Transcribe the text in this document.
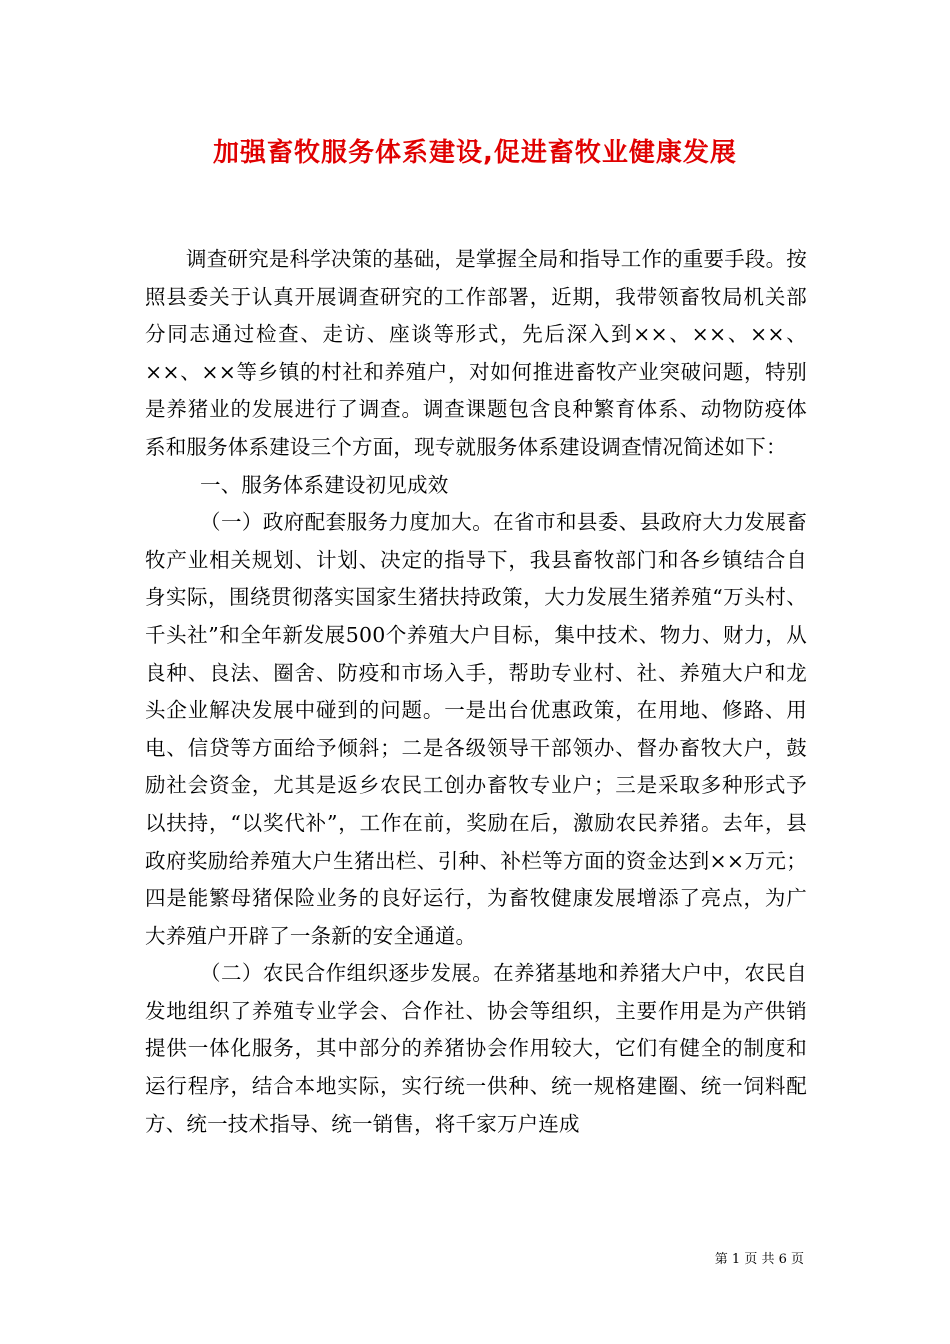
加强畜牧服务体系建设,促进畜牧业健康发展

调查研究是科学决策的基础，是掌握全局和指导工作的重要手段。按照县委关于认真开展调查研究的工作部署，近期，我带领畜牧局机关部分同志通过检查、走访、座谈等形式，先后深入到××、××、××、××、××等乡镇的村社和养殖户，对如何推进畜牧产业突破问题，特别是养猪业的发展进行了调查。调查课题包含良种繁育体系、动物防疫体系和服务体系建设三个方面，现专就服务体系建设调查情况简述如下：

一、服务体系建设初见成效

（一）政府配套服务力度加大。在省市和县委、县政府大力发展畜牧产业相关规划、计划、决定的指导下，我县畜牧部门和各乡镇结合自身实际，围绕贯彻落实国家生猪扶持政策，大力发展生猪养殖“万头村、千头社”和全年新发展500个养殖大户目标，集中技术、物力、财力，从良种、良法、圈舍、防疫和市场入手，帮助专业村、社、养殖大户和龙头企业解决发展中碰到的问题。一是出台优惠政策，在用地、修路、用电、信贷等方面给予倾斜；二是各级领导干部领办、督办畜牧大户，鼓励社会资金，尤其是返乡农民工创办畜牧专业户；三是采取多种形式予以扶持，“以奖代补”，工作在前，奖励在后，激励农民养猪。去年，县政府奖励给养殖大户生猪出栏、引种、补栏等方面的资金达到××万元；四是能繁母猪保险业务的良好运行，为畜牧健康发展增添了亮点，为广大养殖户开辟了一条新的安全通道。

（二）农民合作组织逐步发展。在养猪基地和养猪大户中，农民自发地组织了养殖专业学会、合作社、协会等组织，主要作用是为产供销提供一体化服务，其中部分的养猪协会作用较大，它们有健全的制度和运行程序，结合本地实际，实行统一供种、统一规格建圈、统一饲料配方、统一技术指导、统一销售，将千家万户连成

第 1 页 共 6 页
